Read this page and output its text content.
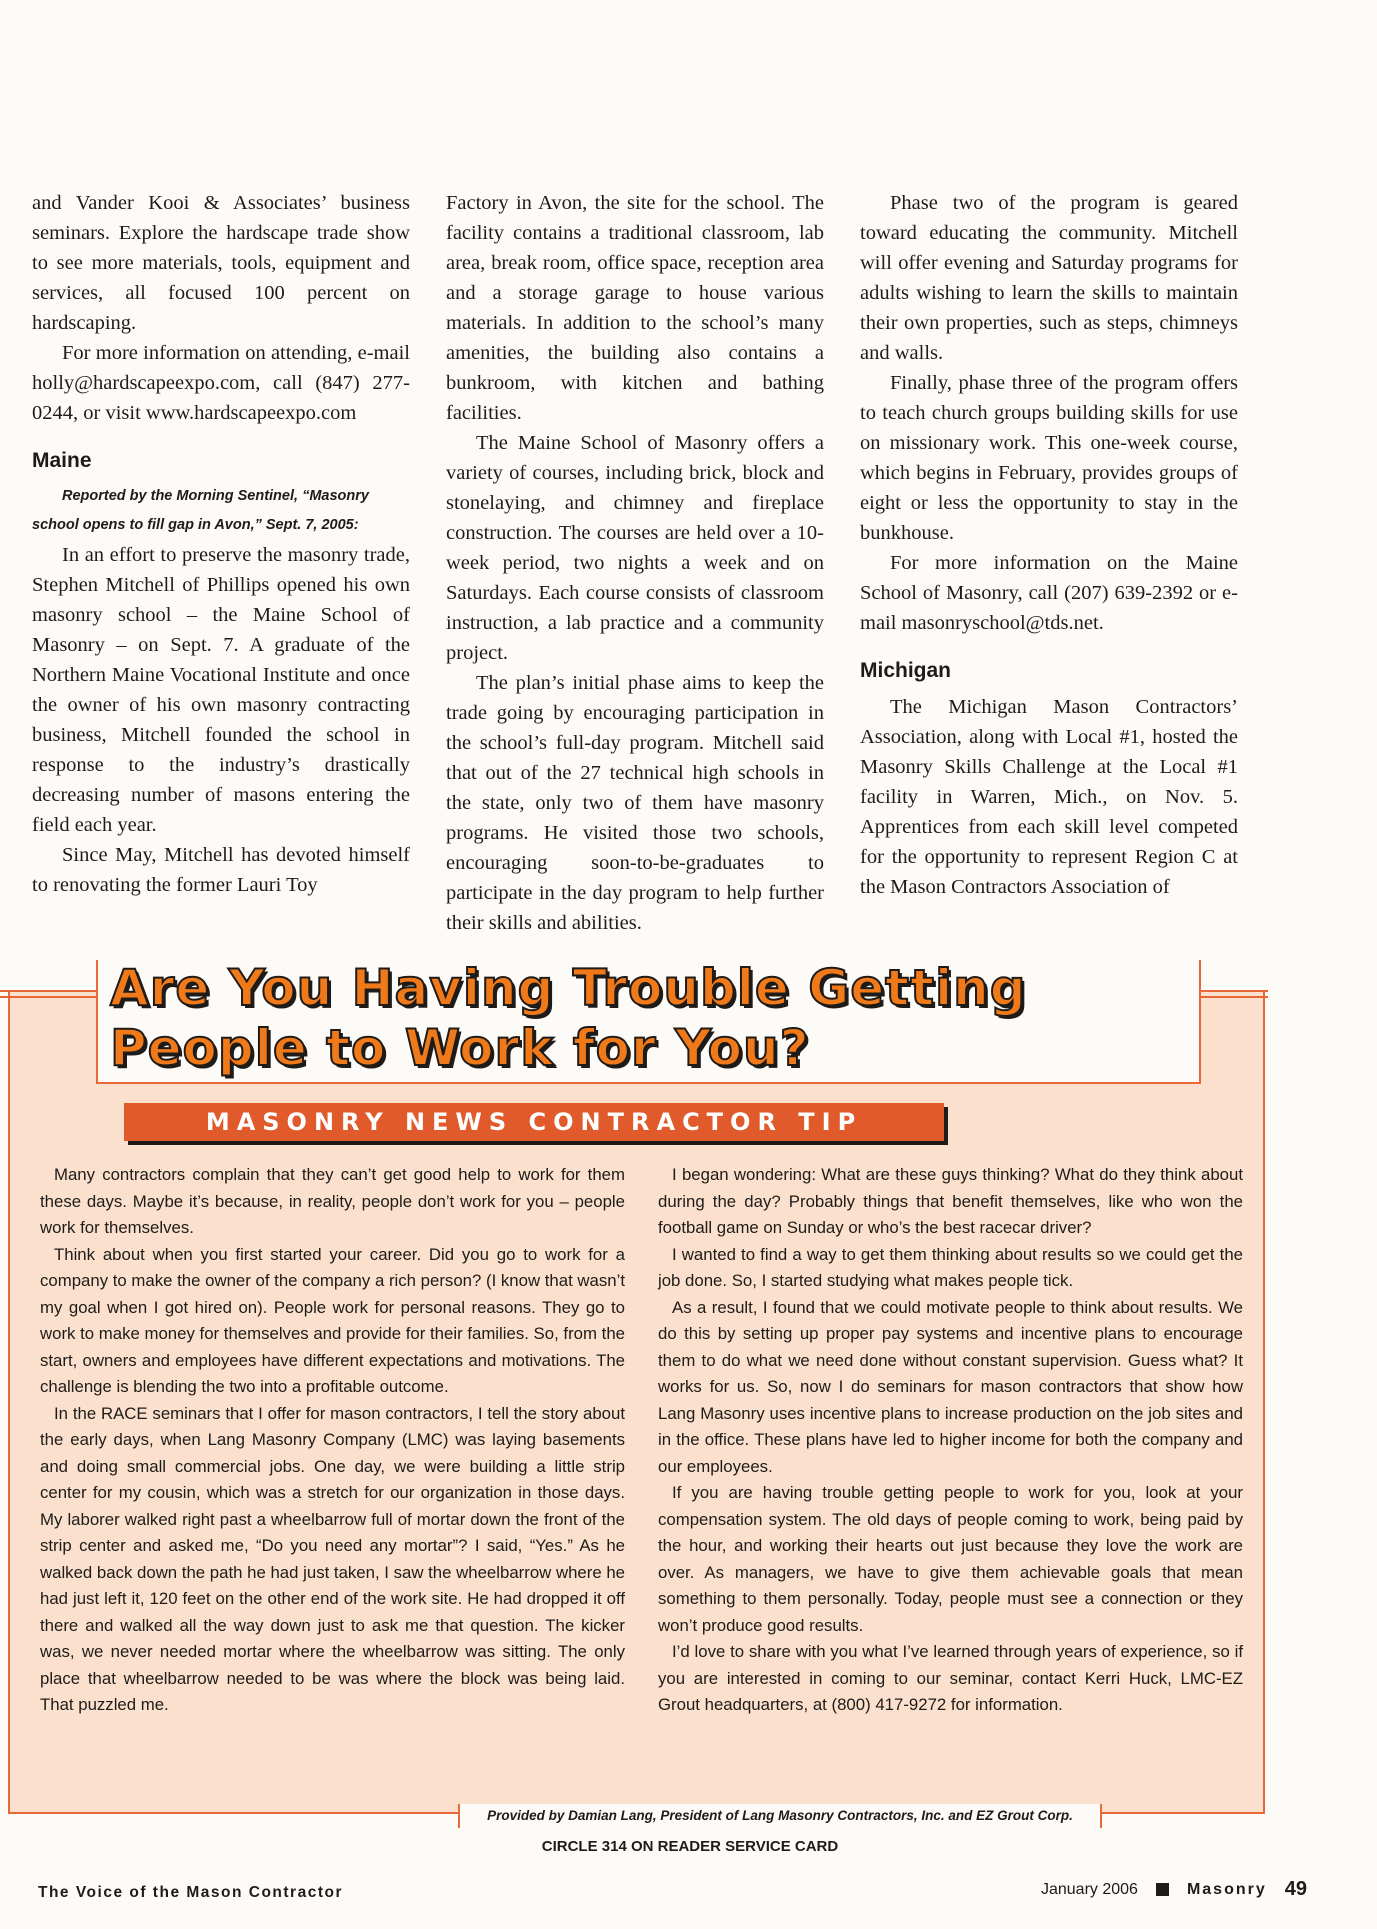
and Vander Kooi & Associates’ business seminars. Explore the hardscape trade show to see more materials, tools, equipment and services, all focused 100 percent on hardscaping.

For more information on attending, e-mail holly@hardscapeexpo.com, call (847) 277-0244, or visit www.hardscapeexpo.com

Maine

Reported by the Morning Sentinel, “Masonry school opens to fill gap in Avon,” Sept. 7, 2005:

In an effort to preserve the masonry trade, Stephen Mitchell of Phillips opened his own masonry school – the Maine School of Masonry – on Sept. 7. A graduate of the Northern Maine Vocational Institute and once the owner of his own masonry contracting business, Mitchell founded the school in response to the industry’s drastically decreasing number of masons entering the field each year.

Since May, Mitchell has devoted himself to renovating the former Lauri Toy

Factory in Avon, the site for the school. The facility contains a traditional classroom, lab area, break room, office space, reception area and a storage garage to house various materials. In addition to the school’s many amenities, the building also contains a bunkroom, with kitchen and bathing facilities.

The Maine School of Masonry offers a variety of courses, including brick, block and stonelaying, and chimney and fireplace construction. The courses are held over a 10-week period, two nights a week and on Saturdays. Each course consists of classroom instruction, a lab practice and a community project.

The plan’s initial phase aims to keep the trade going by encouraging participation in the school’s full-day program. Mitchell said that out of the 27 technical high schools in the state, only two of them have masonry programs. He visited those two schools, encouraging soon-to-be-graduates to participate in the day program to help further their skills and abilities.

Phase two of the program is geared toward educating the community. Mitchell will offer evening and Saturday programs for adults wishing to learn the skills to maintain their own properties, such as steps, chimneys and walls.

Finally, phase three of the program offers to teach church groups building skills for use on missionary work. This one-week course, which begins in February, provides groups of eight or less the opportunity to stay in the bunkhouse.

For more information on the Maine School of Masonry, call (207) 639-2392 or e-mail masonryschool@tds.net.

Michigan

The Michigan Mason Contractors’ Association, along with Local #1, hosted the Masonry Skills Challenge at the Local #1 facility in Warren, Mich., on Nov. 5. Apprentices from each skill level competed for the opportunity to represent Region C at the Mason Contractors Association of

Are You Having Trouble Getting
People to Work for You?
MASONRY NEWS CONTRACTOR TIP

Many contractors complain that they can’t get good help to work for them these days. Maybe it’s because, in reality, people don’t work for you – people work for themselves.

Think about when you first started your career. Did you go to work for a company to make the owner of the company a rich person? (I know that wasn’t my goal when I got hired on). People work for personal reasons. They go to work to make money for themselves and provide for their families. So, from the start, owners and employees have different expectations and motivations. The challenge is blending the two into a profitable outcome.

In the RACE seminars that I offer for mason contractors, I tell the story about the early days, when Lang Masonry Company (LMC) was laying basements and doing small commercial jobs. One day, we were building a little strip center for my cousin, which was a stretch for our organization in those days. My laborer walked right past a wheelbarrow full of mortar down the front of the strip center and asked me, “Do you need any mortar”? I said, “Yes.” As he walked back down the path he had just taken, I saw the wheelbarrow where he had just left it, 120 feet on the other end of the work site. He had dropped it off there and walked all the way down just to ask me that question. The kicker was, we never needed mortar where the wheelbarrow was sitting. The only place that wheelbarrow needed to be was where the block was being laid. That puzzled me.

I began wondering: What are these guys thinking? What do they think about during the day? Probably things that benefit themselves, like who won the football game on Sunday or who’s the best racecar driver?

I wanted to find a way to get them thinking about results so we could get the job done. So, I started studying what makes people tick.

As a result, I found that we could motivate people to think about results. We do this by setting up proper pay systems and incentive plans to encourage them to do what we need done without constant supervision. Guess what? It works for us. So, now I do seminars for mason contractors that show how Lang Masonry uses incentive plans to increase production on the job sites and in the office. These plans have led to higher income for both the company and our employees.

If you are having trouble getting people to work for you, look at your compensation system. The old days of people coming to work, being paid by the hour, and working their hearts out just because they love the work are over. As managers, we have to give them achievable goals that mean something to them personally. Today, people must see a connection or they won’t produce good results.

I’d love to share with you what I’ve learned through years of experience, so if you are interested in coming to our seminar, contact Kerri Huck, LMC-EZ Grout headquarters, at (800) 417-9272 for information.

Provided by Damian Lang, President of Lang Masonry Contractors, Inc. and EZ Grout Corp.
CIRCLE 314 ON READER SERVICE CARD
The Voice of the Mason Contractor	January 2006	Masonry 49
